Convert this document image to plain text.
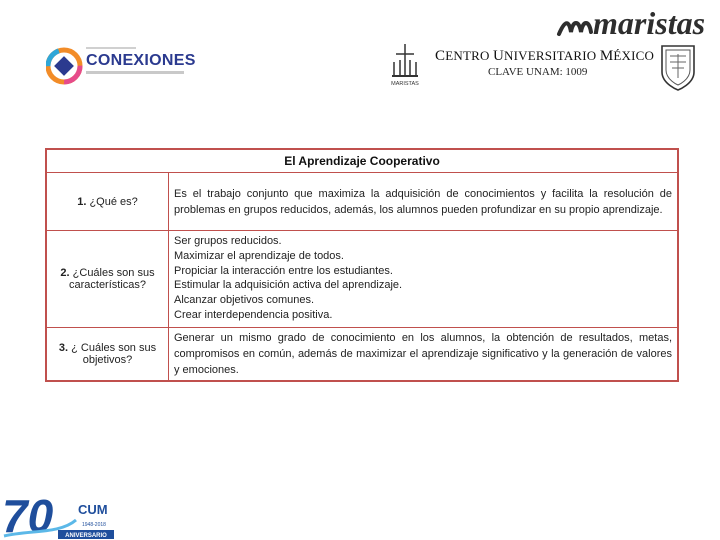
maristas
CONEXIONES
MARISTAS
CENTRO UNIVERSITARIO MÉXICO
CLAVE UNAM: 1009
El Aprendizaje Cooperativo
1. ¿Qué es?
Es el trabajo conjunto que maximiza la adquisición de conocimientos y facilita la resolución de problemas en grupos reducidos, además, los alumnos pueden profundizar en su propio aprendizaje.
2. ¿Cuáles son sus características?
Ser grupos reducidos.
Maximizar el aprendizaje de todos.
Propiciar la interacción entre los estudiantes.
Estimular la adquisición activa del aprendizaje.
Alcanzar objetivos comunes.
Crear interdependencia positiva.
3. ¿ Cuáles son sus objetivos?
Generar un mismo grado de conocimiento en los alumnos, la obtención de resultados, metas, compromisos en común, además de maximizar el aprendizaje significativo y la generación de valores y emociones.
70 CUM
1948-2018
ANIVERSARIO
